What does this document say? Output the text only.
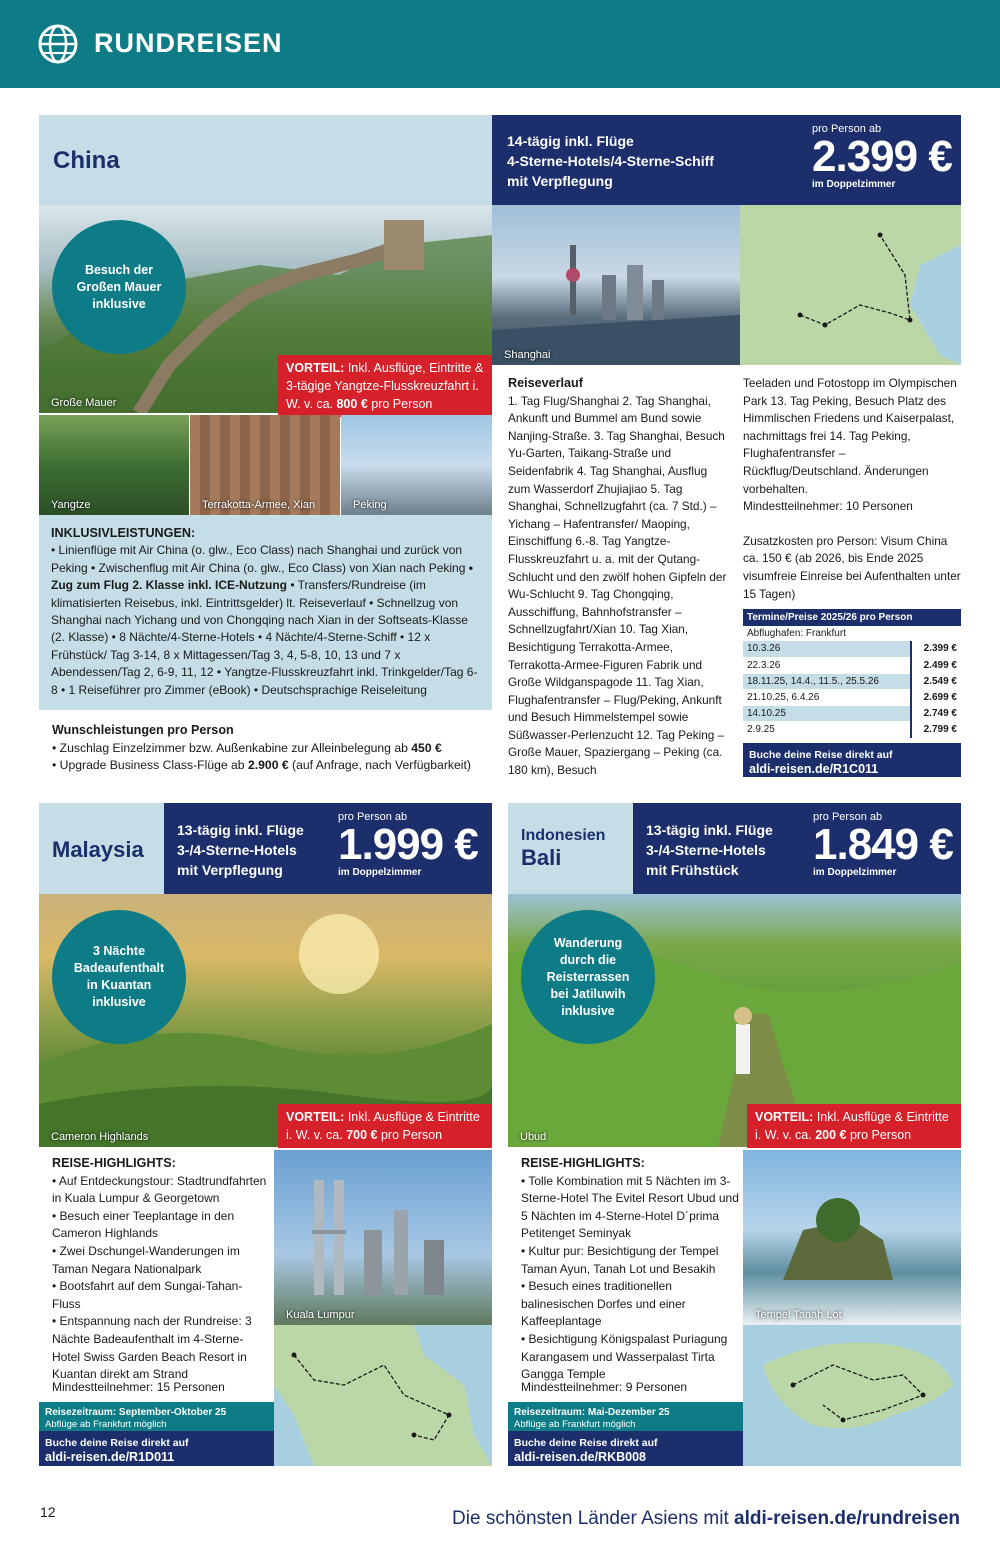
RUNDREISEN
China
14-tägig inkl. Flüge
4-Sterne-Hotels/4-Sterne-Schiff
mit Verpflegung
pro Person ab
2.399 €
im Doppelzimmer
Große Mauer
Besuch der Großen Mauer inklusive
VORTEIL: Inkl. Ausflüge, Eintritte & 3-tägige Yangtze-Flusskreuzfahrt i. W. v. ca. 800 € pro Person
Yangtze	Terrakotta-Armee, Xian	Peking
INKLUSIVLEISTUNGEN:
• Linienflüge mit Air China (o. glw., Eco Class) nach Shanghai und zurück von Peking • Zwischenflug mit Air China (o. glw., Eco Class) von Xian nach Peking • Zug zum Flug 2. Klasse inkl. ICE-Nutzung • Transfers/Rundreise (im klimatisierten Reisebus, inkl. Eintrittsgelder) lt. Reiseverlauf • Schnellzug von Shanghai nach Yichang und von Chongqing nach Xian in der Softseats-Klasse (2. Klasse) • 8 Nächte/4-Sterne-Hotels • 4 Nächte/4-Sterne-Schiff • 12 x Frühstück/ Tag 3-14, 8 x Mittagessen/Tag 3, 4, 5-8, 10, 13 und 7 x Abendessen/Tag 2, 6-9, 11, 12 • Yangtze-Flusskreuzfahrt inkl. Trinkgelder/Tag 6-8 • 1 Reiseführer pro Zimmer (eBook) • Deutschsprachige Reiseleitung
Wunschleistungen pro Person
• Zuschlag Einzelzimmer bzw. Außenkabine zur Alleinbelegung ab 450 €
• Upgrade Business Class-Flüge ab 2.900 € (auf Anfrage, nach Verfügbarkeit)
Shanghai
Reiseverlauf
1. Tag Flug/Shanghai 2. Tag Shanghai, Ankunft und Bummel am Bund sowie Nanjing-Straße. 3. Tag Shanghai, Besuch Yu-Garten, Taikang-Straße und Seidenfabrik 4. Tag Shanghai, Ausflug zum Wasserdorf Zhujiajiao 5. Tag Shanghai, Schnellzugfahrt (ca. 7 Std.) – Yichang – Hafentransfer/ Maoping, Einschiffung 6.-8. Tag Yangtze-Flusskreuzfahrt u. a. mit der Qutang-Schlucht und den zwölf hohen Gipfeln der Wu-Schlucht 9. Tag Chongqing, Ausschiffung, Bahnhofstransfer – Schnellzugfahrt/Xian 10. Tag Xian, Besichtigung Terrakotta-Armee, Terrakotta-Armee-Figuren Fabrik und Große Wildganspagode 11. Tag Xian, Flughafentransfer – Flug/Peking, Ankunft und Besuch Himmelstempel sowie Süßwasser-Perlenzucht 12. Tag Peking – Große Mauer, Spaziergang – Peking (ca. 180 km), Besuch
Teeladen und Fotostopp im Olympischen Park 13. Tag Peking, Besuch Platz des Himmlischen Friedens und Kaiserpalast, nachmittags frei 14. Tag Peking, Flughafentransfer – Rückflug/Deutschland. Änderungen vorbehalten.
Mindestteilnehmer: 10 Personen
Zusatzkosten pro Person: Visum China ca. 150 € (ab 2026, bis Ende 2025 visumfreie Einreise bei Aufenthalten unter 15 Tagen)
Termine/Preise 2025/26 pro Person
Abflughafen: Frankfurt
10.3.26	2.399 €
22.3.26	2.499 €
18.11.25, 14.4., 11.5., 25.5.26	2.549 €
21.10.25, 6.4.26	2.699 €
14.10.25	2.749 €
2.9.25	2.799 €
Buche deine Reise direkt auf
aldi-reisen.de/R1C011
Malaysia
13-tägig inkl. Flüge
3-/4-Sterne-Hotels
mit Verpflegung
pro Person ab
1.999 €
im Doppelzimmer
Cameron Highlands
3 Nächte Badeaufenthalt in Kuantan inklusive
VORTEIL: Inkl. Ausflüge & Eintritte i. W. v. ca. 700 € pro Person
REISE-HIGHLIGHTS:
• Auf Entdeckungstour: Stadtrundfahrten in Kuala Lumpur & Georgetown
• Besuch einer Teeplantage in den Cameron Highlands
• Zwei Dschungel-Wanderungen im Taman Negara Nationalpark
• Bootsfahrt auf dem Sungai-Tahan-Fluss
• Entspannung nach der Rundreise: 3 Nächte Badeaufenthalt im 4-Sterne-Hotel Swiss Garden Beach Resort in Kuantan direkt am Strand
Mindestteilnehmer: 15 Personen
Kuala Lumpur
Reisezeitraum: September-Oktober 25
Abflüge ab Frankfurt möglich
Buche deine Reise direkt auf
aldi-reisen.de/R1D011
Indonesien
Bali
13-tägig inkl. Flüge
3-/4-Sterne-Hotels
mit Frühstück
pro Person ab
1.849 €
im Doppelzimmer
Ubud
Wanderung durch die Reisterrassen bei Jatiluwih inklusive
VORTEIL: Inkl. Ausflüge & Eintritte i. W. v. ca. 200 € pro Person
REISE-HIGHLIGHTS:
• Tolle Kombination mit 5 Nächten im 3-Sterne-Hotel The Evitel Resort Ubud und 5 Nächten im 4-Sterne-Hotel D´prima Petitenget Seminyak
• Kultur pur: Besichtigung der Tempel Taman Ayun, Tanah Lot und Besakih
• Besuch eines traditionellen balinesischen Dorfes und einer Kaffeeplantage
• Besichtigung Königspalast Puriagung Karangasem und Wasserpalast Tirta Gangga Temple
Mindestteilnehmer: 9 Personen
Tempel Tanah Lot
Reisezeitraum: Mai-Dezember 25
Abflüge ab Frankfurt möglich
Buche deine Reise direkt auf
aldi-reisen.de/RKB008
12	Die schönsten Länder Asiens mit aldi-reisen.de/rundreisen
